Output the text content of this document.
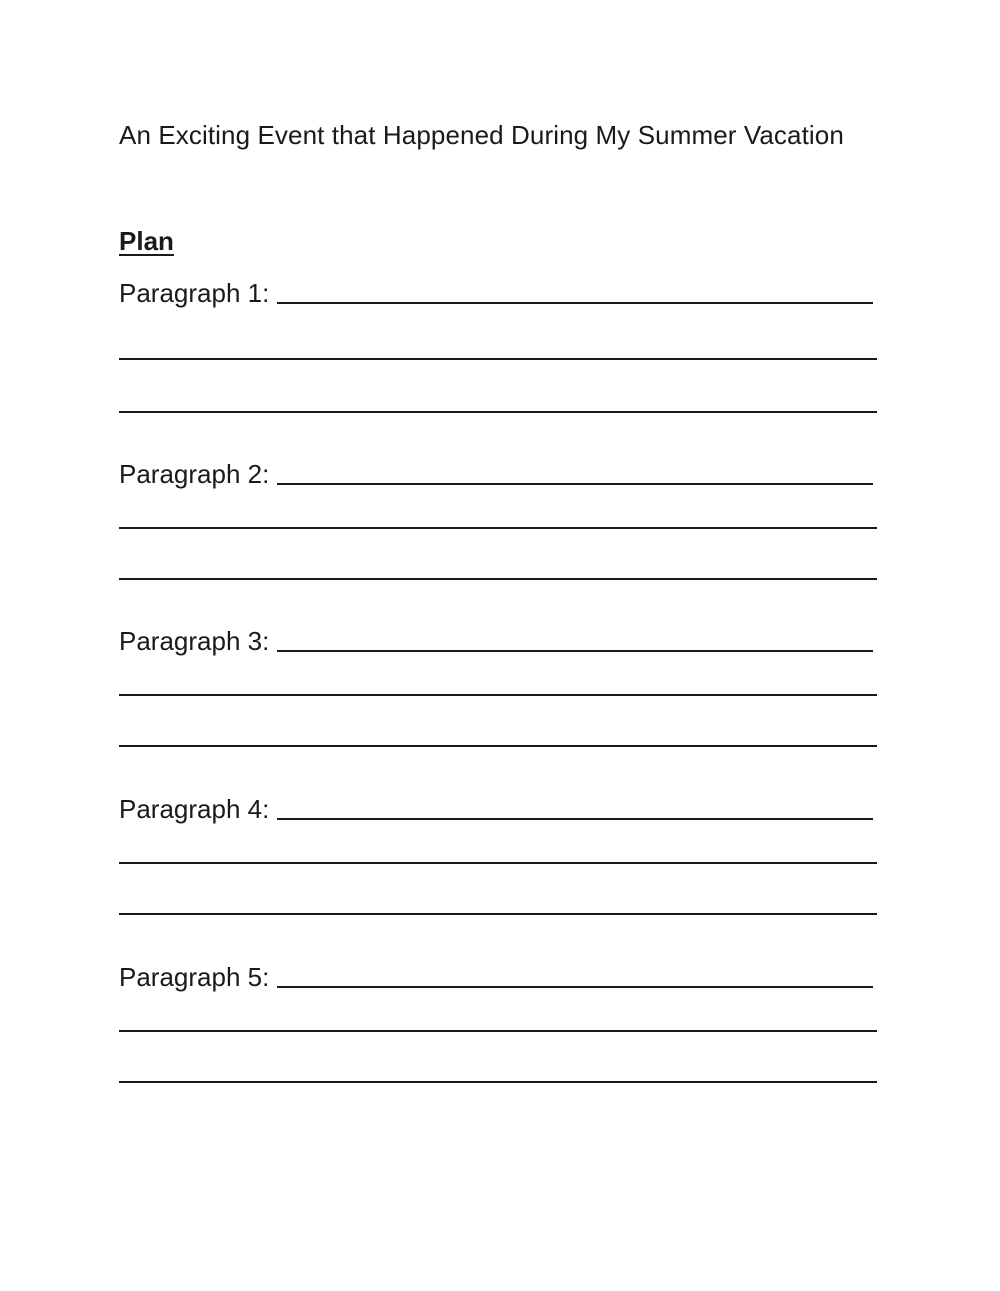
An Exciting Event that Happened During My Summer Vacation
Plan
Paragraph 1:
Paragraph 2:
Paragraph 3:
Paragraph 4:
Paragraph 5:
